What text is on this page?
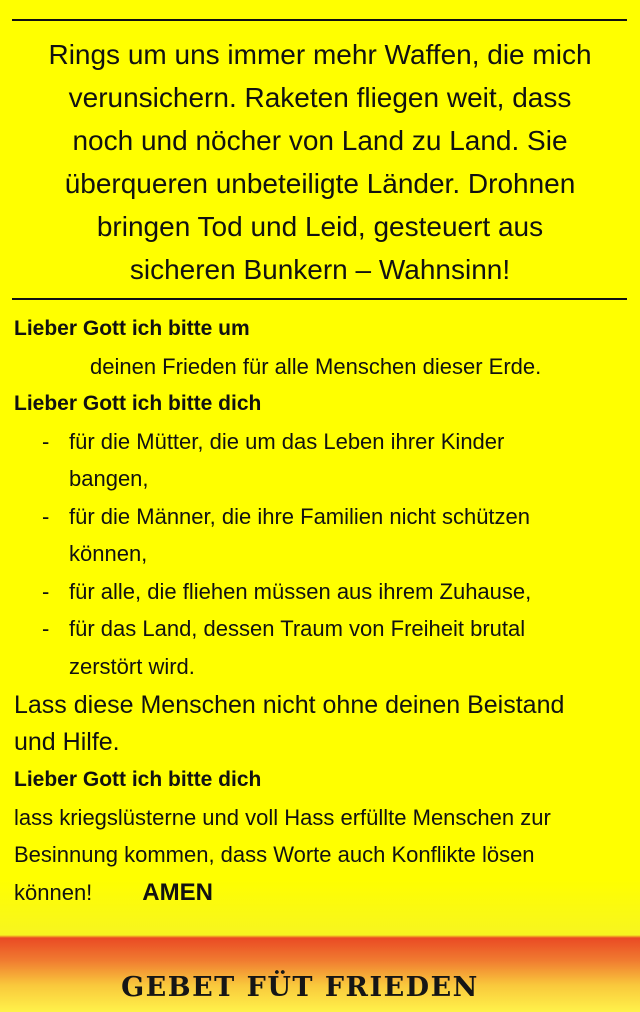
Rings um uns immer mehr Waffen, die mich
verunsichern. Raketen fliegen weit, dass
noch und nöcher von Land zu Land. Sie
überqueren unbeteiligte Länder. Drohnen
bringen Tod und Leid, gesteuert aus
sicheren Bunkern – Wahnsinn!
Lieber Gott ich bitte um
deinen Frieden für alle Menschen dieser Erde.
Lieber Gott ich bitte dich
- für die Mütter, die um das Leben ihrer Kinder
bangen,
- für die Männer, die ihre Familien nicht schützen
können,
- für alle, die fliehen müssen aus ihrem Zuhause,
- für das Land, dessen Traum von Freiheit brutal
zerstört wird.
Lass diese Menschen nicht ohne deinen Beistand
und Hilfe.
Lieber Gott ich bitte dich
lass kriegslüsterne und voll Hass erfüllte Menschen zur
Besinnung kommen, dass Worte auch Konflikte lösen
können! AMEN
GEBET FÜT FRIEDEN
